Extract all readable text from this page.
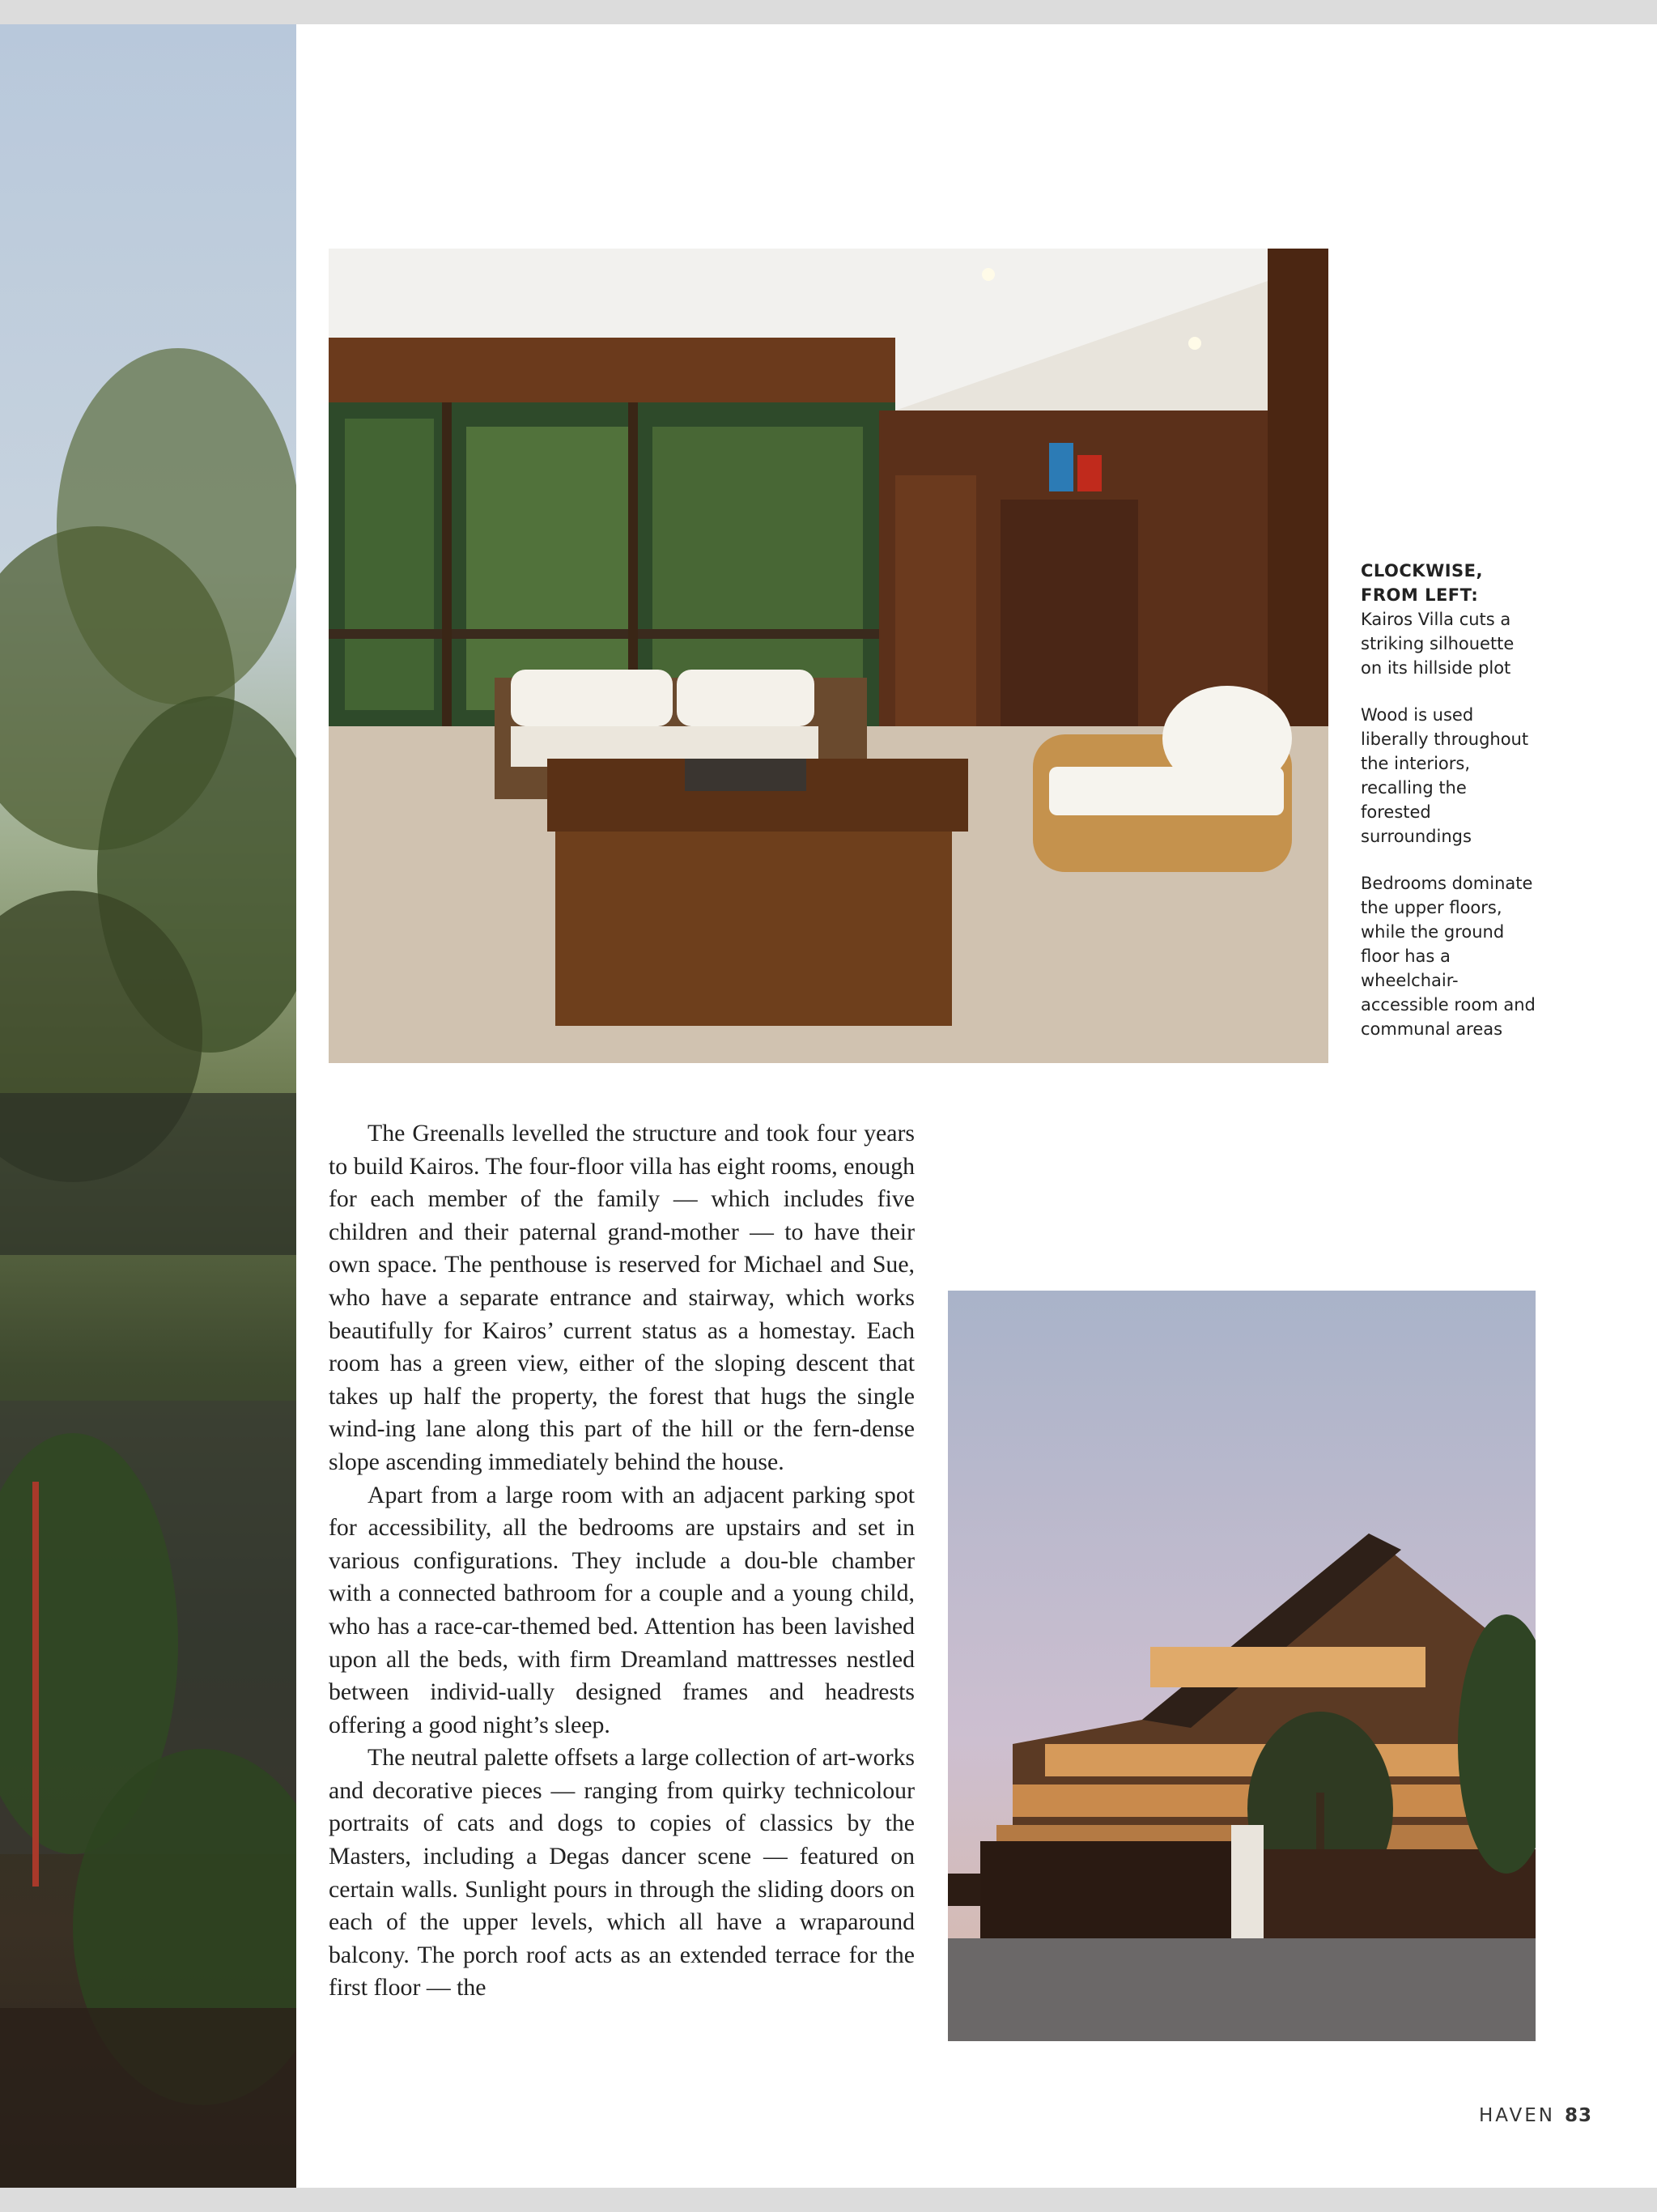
CLOCKWISE, FROM LEFT:
Kairos Villa cuts a striking silhouette on its hillside plot

Wood is used liberally throughout the interiors, recalling the forested surroundings

Bedrooms dominate the upper floors, while the ground floor has a wheelchair-accessible room and communal areas

The Greenalls levelled the structure and took four years to build Kairos. The four-floor villa has eight rooms, enough for each member of the family — which includes five children and their paternal grand-mother — to have their own space. The penthouse is reserved for Michael and Sue, who have a separate entrance and stairway, which works beautifully for Kairos’ current status as a homestay. Each room has a green view, either of the sloping descent that takes up half the property, the forest that hugs the single wind-ing lane along this part of the hill or the fern-dense slope ascending immediately behind the house.

Apart from a large room with an adjacent parking spot for accessibility, all the bedrooms are upstairs and set in various configurations. They include a dou-ble chamber with a connected bathroom for a couple and a young child, who has a race-car-themed bed. Attention has been lavished upon all the beds, with firm Dreamland mattresses nestled between individ-ually designed frames and headrests offering a good night’s sleep.

The neutral palette offsets a large collection of art-works and decorative pieces — ranging from quirky technicolour portraits of cats and dogs to copies of classics by the Masters, including a Degas dancer scene — featured on certain walls. Sunlight pours in through the sliding doors on each of the upper levels, which all have a wraparound balcony. The porch roof acts as an extended terrace for the first floor — the

HAVEN 83
